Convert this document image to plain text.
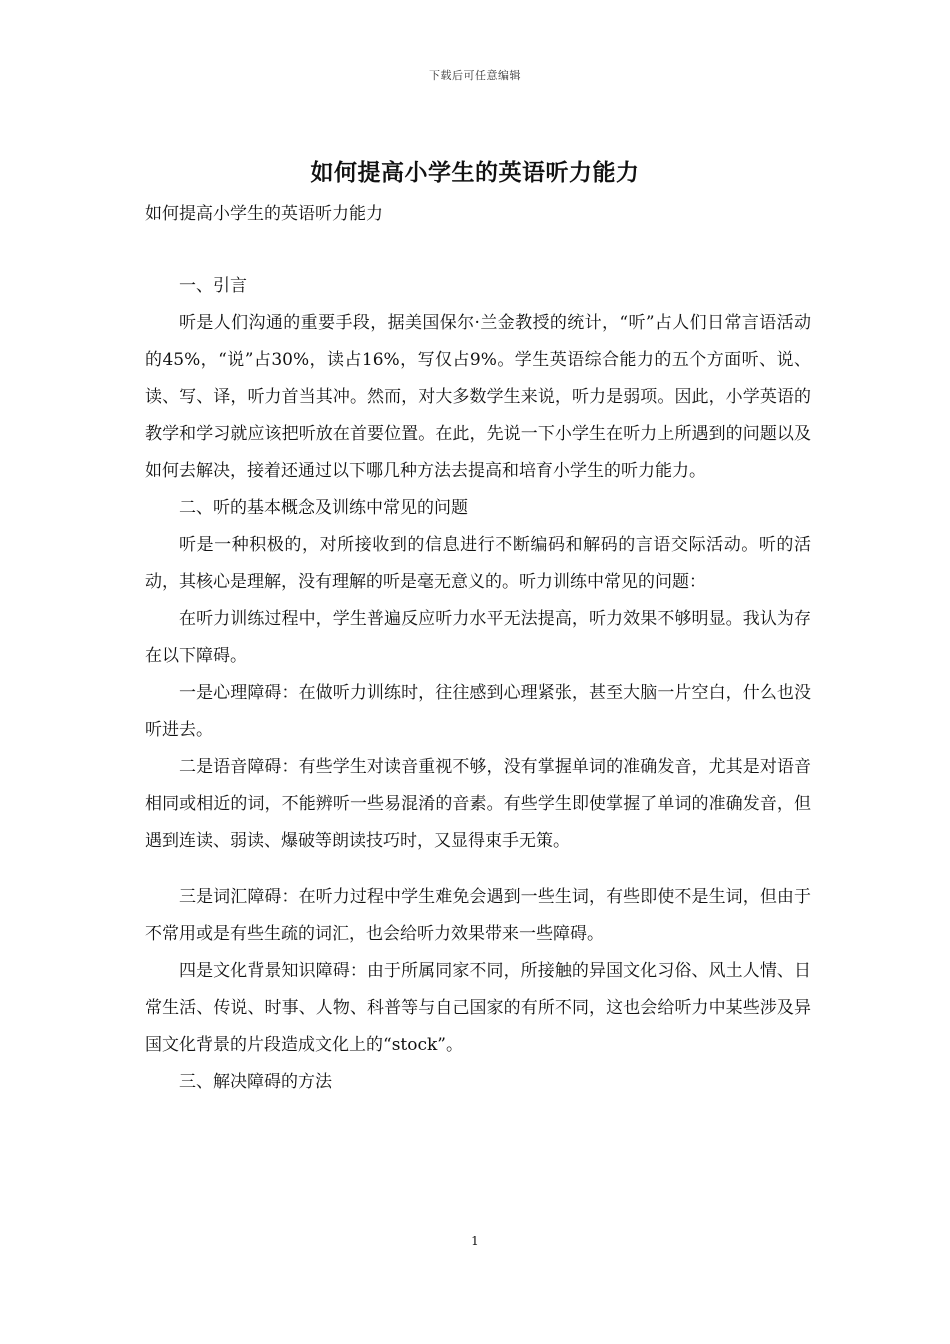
下载后可任意编辑
如何提高小学生的英语听力能力
如何提高小学生的英语听力能力

一、引言

听是人们沟通的重要手段，据美国保尔·兰金教授的统计，“听”占人们日常言语活动的45%，“说”占30%，读占16%，写仅占9%。学生英语综合能力的五个方面听、说、读、写、译，听力首当其冲。然而，对大多数学生来说，听力是弱项。因此，小学英语的教学和学习就应该把听放在首要位置。在此，先说一下小学生在听力上所遇到的问题以及如何去解决，接着还通过以下哪几种方法去提高和培育小学生的听力能力。

二、听的基本概念及训练中常见的问题

听是一种积极的，对所接收到的信息进行不断编码和解码的言语交际活动。听的活动，其核心是理解，没有理解的听是毫无意义的。听力训练中常见的问题：

在听力训练过程中，学生普遍反应听力水平无法提高，听力效果不够明显。我认为存在以下障碍。

一是心理障碍：在做听力训练时，往往感到心理紧张，甚至大脑一片空白，什么也没听进去。

二是语音障碍：有些学生对读音重视不够，没有掌握单词的准确发音，尤其是对语音相同或相近的词，不能辨听一些易混淆的音素。有些学生即使掌握了单词的准确发音，但遇到连读、弱读、爆破等朗读技巧时，又显得束手无策。

三是词汇障碍：在听力过程中学生难免会遇到一些生词，有些即使不是生词，但由于不常用或是有些生疏的词汇，也会给听力效果带来一些障碍。

四是文化背景知识障碍：由于所属同家不同，所接触的异国文化习俗、风土人情、日常生活、传说、时事、人物、科普等与自己国家的有所不同，这也会给听力中某些涉及异国文化背景的片段造成文化上的“stock”。

三、解决障碍的方法

1
